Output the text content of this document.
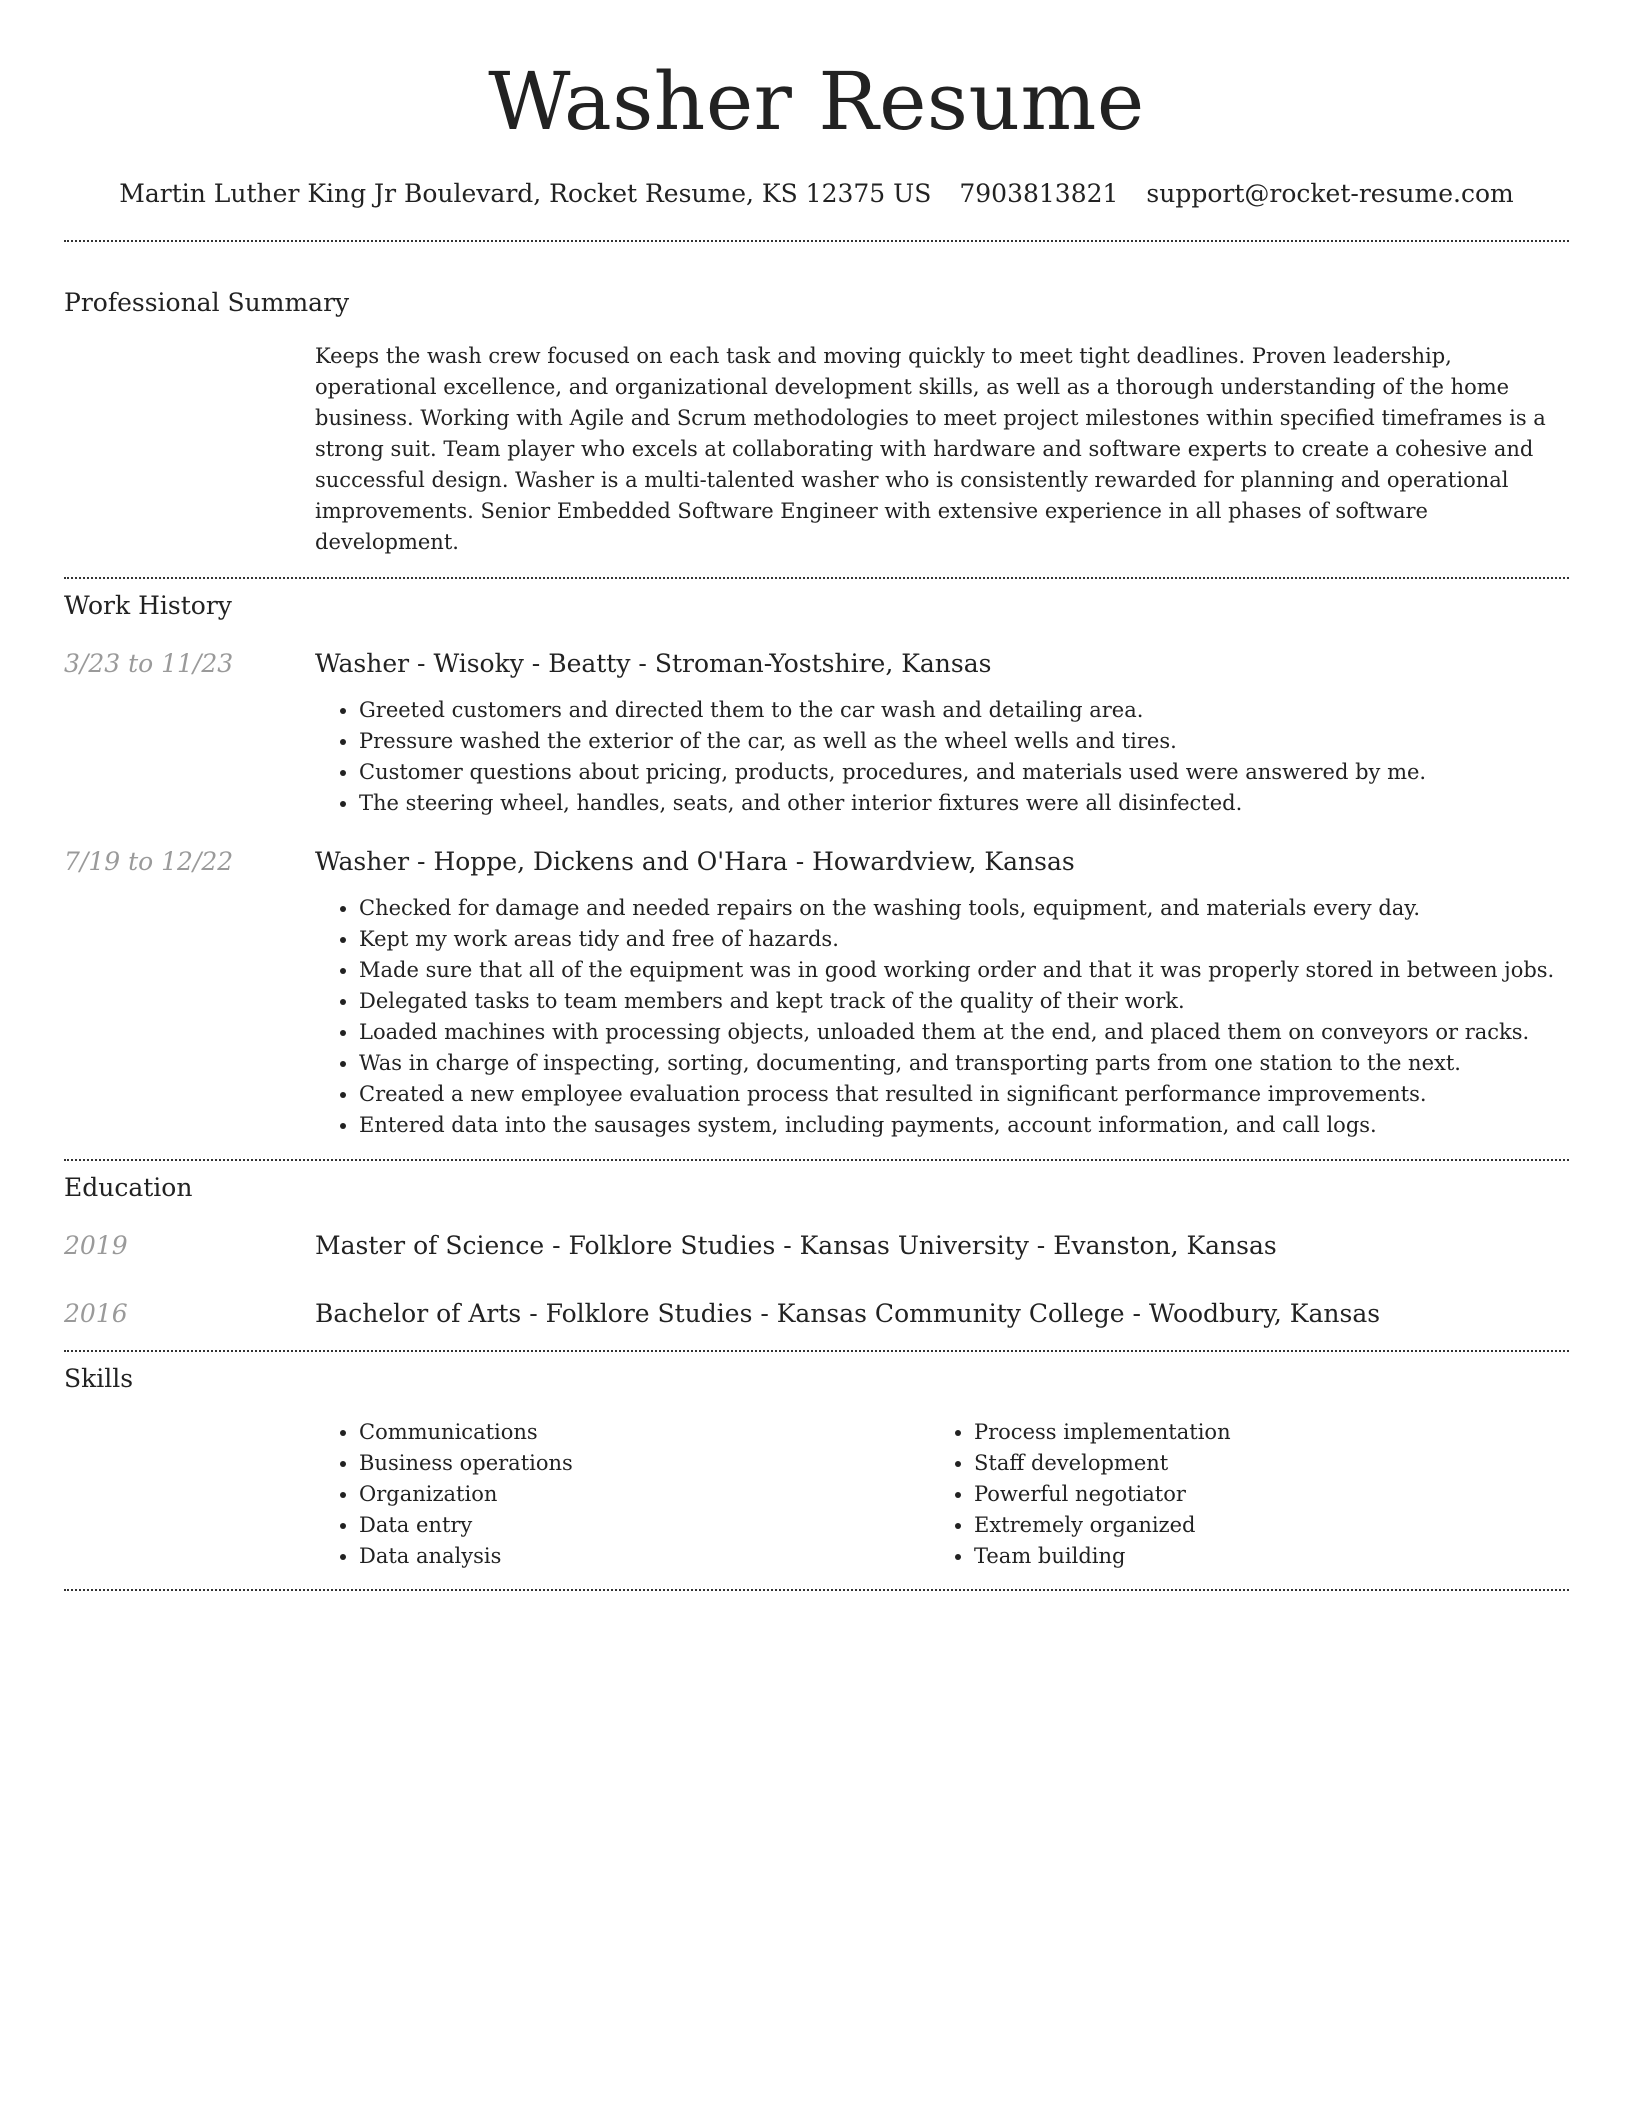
Washer Resume
Martin Luther King Jr Boulevard, Rocket Resume, KS 12375 US 7903813821 support@rocket-resume.com
Professional Summary

Keeps the wash crew focused on each task and moving quickly to meet tight deadlines. Proven leadership, operational excellence, and organizational development skills, as well as a thorough understanding of the home business. Working with Agile and Scrum methodologies to meet project milestones within specified timeframes is a strong suit. Team player who excels at collaborating with hardware and software experts to create a cohesive and successful design. Washer is a multi-talented washer who is consistently rewarded for planning and operational improvements. Senior Embedded Software Engineer with extensive experience in all phases of software development.

Work History
3/23 to 11/23	Washer - Wisoky - Beatty - Stroman-Yostshire, Kansas
• Greeted customers and directed them to the car wash and detailing area.
• Pressure washed the exterior of the car, as well as the wheel wells and tires.
• Customer questions about pricing, products, procedures, and materials used were answered by me.
• The steering wheel, handles, seats, and other interior fixtures were all disinfected.
7/19 to 12/22	Washer - Hoppe, Dickens and O'Hara - Howardview, Kansas
• Checked for damage and needed repairs on the washing tools, equipment, and materials every day.
• Kept my work areas tidy and free of hazards.
• Made sure that all of the equipment was in good working order and that it was properly stored in between jobs.
• Delegated tasks to team members and kept track of the quality of their work.
• Loaded machines with processing objects, unloaded them at the end, and placed them on conveyors or racks.
• Was in charge of inspecting, sorting, documenting, and transporting parts from one station to the next.
• Created a new employee evaluation process that resulted in significant performance improvements.
• Entered data into the sausages system, including payments, account information, and call logs.
Education
2019	Master of Science - Folklore Studies - Kansas University - Evanston, Kansas
2016	Bachelor of Arts - Folklore Studies - Kansas Community College - Woodbury, Kansas
Skills
• Communications
• Business operations
• Organization
• Data entry
• Data analysis
• Process implementation
• Staff development
• Powerful negotiator
• Extremely organized
• Team building
